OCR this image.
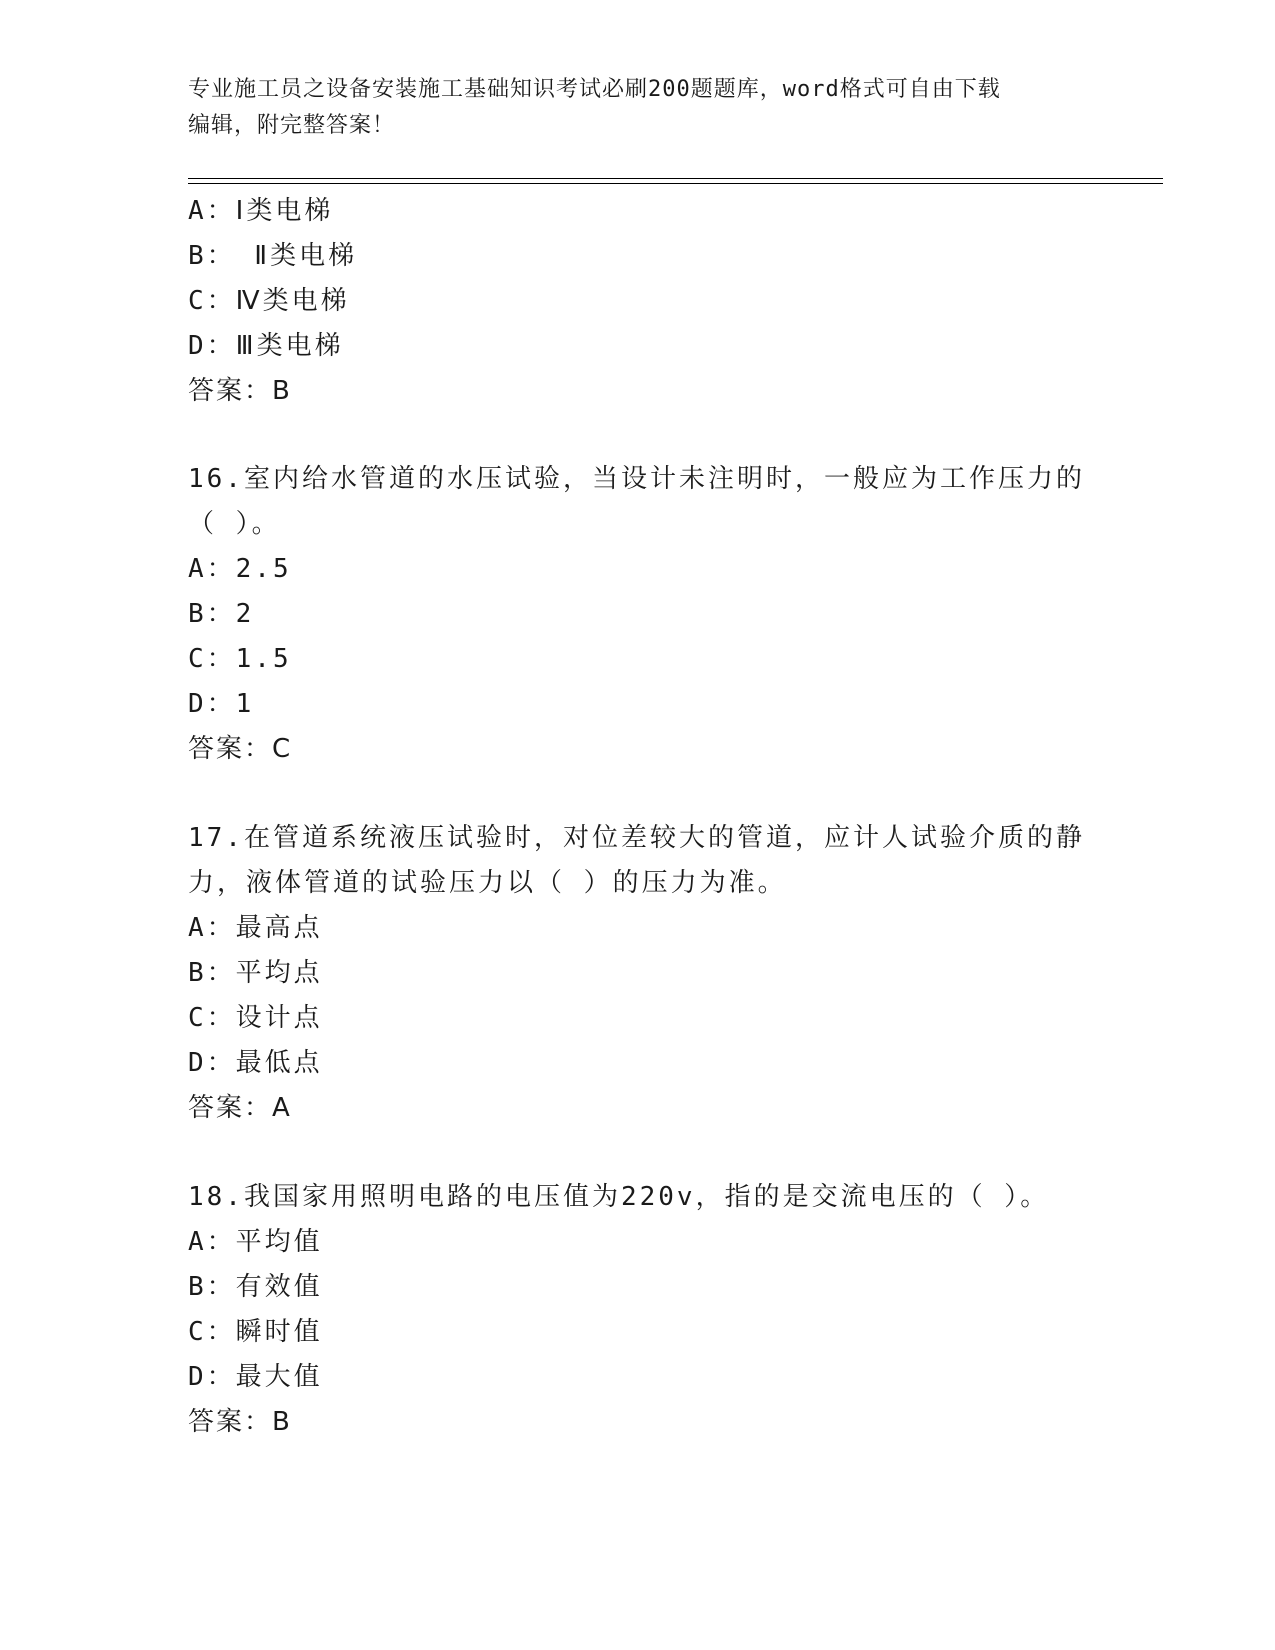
专业施工员之设备安装施工基础知识考试必刷200题题库，word格式可自由下载
编辑，附完整答案！
A：Ⅰ类电梯
B： Ⅱ类电梯
C：Ⅳ类电梯
D：Ⅲ类电梯
答案：B
16.室内给水管道的水压试验，当设计未注明时，一般应为工作压力的
（ ）。
A：2.5
B：2
C：1.5
D：1
答案：C
17.在管道系统液压试验时，对位差较大的管道，应计人试验介质的静
力，液体管道的试验压力以（ ）的压力为准。
A：最高点
B：平均点
C：设计点
D：最低点
答案：A
18.我国家用照明电路的电压值为220v，指的是交流电压的（ ）。
A：平均值
B：有效值
C：瞬时值
D：最大值
答案：B
